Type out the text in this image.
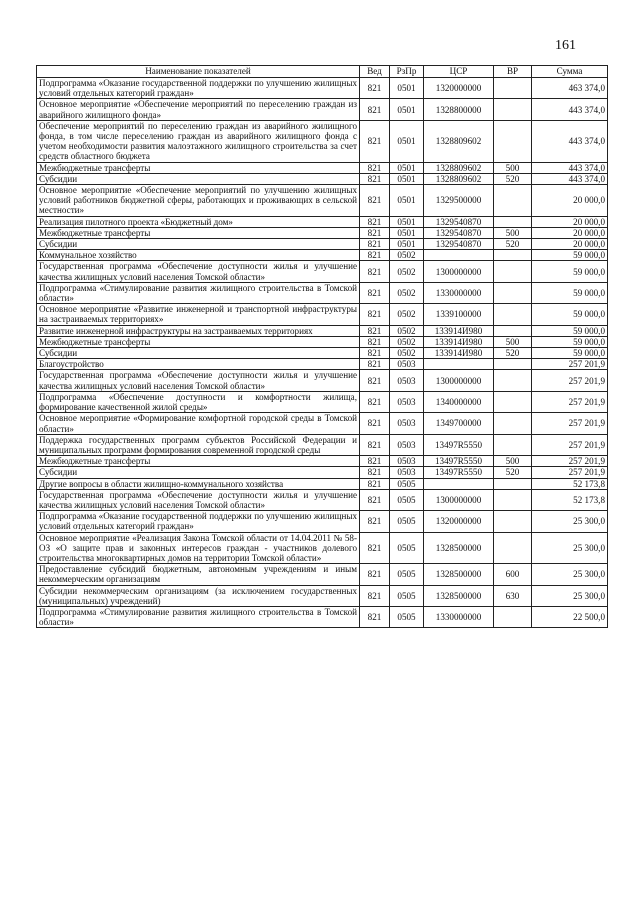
161
Наименование показателей	Вед	РзПр	ЦСР	ВР	Сумма
Подпрограмма «Оказание государственной поддержки по улучшению жилищных условий отдельных категорий граждан»	821	0501	1320000000		463 374,0
Основное мероприятие «Обеспечение мероприятий по переселению граждан из аварийного жилищного фонда»	821	0501	1328800000		443 374,0
Обеспечение мероприятий по переселению граждан из аварийного жилищного фонда, в том числе переселению граждан из аварийного жилищного фонда с учетом необходимости развития малоэтажного жилищного строительства за счет средств областного бюджета	821	0501	1328809602		443 374,0
Межбюджетные трансферты	821	0501	1328809602	500	443 374,0
Субсидии	821	0501	1328809602	520	443 374,0
Основное мероприятие «Обеспечение мероприятий по улучшению жилищных условий работников бюджетной сферы, работающих и проживающих в сельской местности»	821	0501	1329500000		20 000,0
Реализация пилотного проекта «Бюджетный дом»	821	0501	1329540870		20 000,0
Межбюджетные трансферты	821	0501	1329540870	500	20 000,0
Субсидии	821	0501	1329540870	520	20 000,0
Коммунальное хозяйство	821	0502			59 000,0
Государственная программа «Обеспечение доступности жилья и улучшение качества жилищных условий населения Томской области»	821	0502	1300000000		59 000,0
Подпрограмма «Стимулирование развития жилищного строительства в Томской области»	821	0502	1330000000		59 000,0
Основное мероприятие «Развитие инженерной и транспортной инфраструктуры на застраиваемых территориях»	821	0502	1339100000		59 000,0
Развитие инженерной инфраструктуры на застраиваемых территориях	821	0502	133914И980		59 000,0
Межбюджетные трансферты	821	0502	133914И980	500	59 000,0
Субсидии	821	0502	133914И980	520	59 000,0
Благоустройство	821	0503			257 201,9
Государственная программа «Обеспечение доступности жилья и улучшение качества жилищных условий населения Томской области»	821	0503	1300000000		257 201,9
Подпрограмма «Обеспечение доступности и комфортности жилища, формирование качественной жилой среды»	821	0503	1340000000		257 201,9
Основное мероприятие «Формирование комфортной городской среды в Томской области»	821	0503	1349700000		257 201,9
Поддержка государственных программ субъектов Российской Федерации и муниципальных программ формирования современной городской среды	821	0503	13497R5550		257 201,9
Межбюджетные трансферты	821	0503	13497R5550	500	257 201,9
Субсидии	821	0503	13497R5550	520	257 201,9
Другие вопросы в области жилищно-коммунального хозяйства	821	0505			52 173,8
Государственная программа «Обеспечение доступности жилья и улучшение качества жилищных условий населения Томской области»	821	0505	1300000000		52 173,8
Подпрограмма «Оказание государственной поддержки по улучшению жилищных условий отдельных категорий граждан»	821	0505	1320000000		25 300,0
Основное мероприятие «Реализация Закона Томской области от 14.04.2011 № 58-ОЗ «О защите прав и законных интересов граждан - участников долевого строительства многоквартирных домов на территории Томской области»	821	0505	1328500000		25 300,0
Предоставление субсидий бюджетным, автономным учреждениям и иным некоммерческим организациям	821	0505	1328500000	600	25 300,0
Субсидии некоммерческим организациям (за исключением государственных (муниципальных) учреждений)	821	0505	1328500000	630	25 300,0
Подпрограмма «Стимулирование развития жилищного строительства в Томской области»	821	0505	1330000000		22 500,0
